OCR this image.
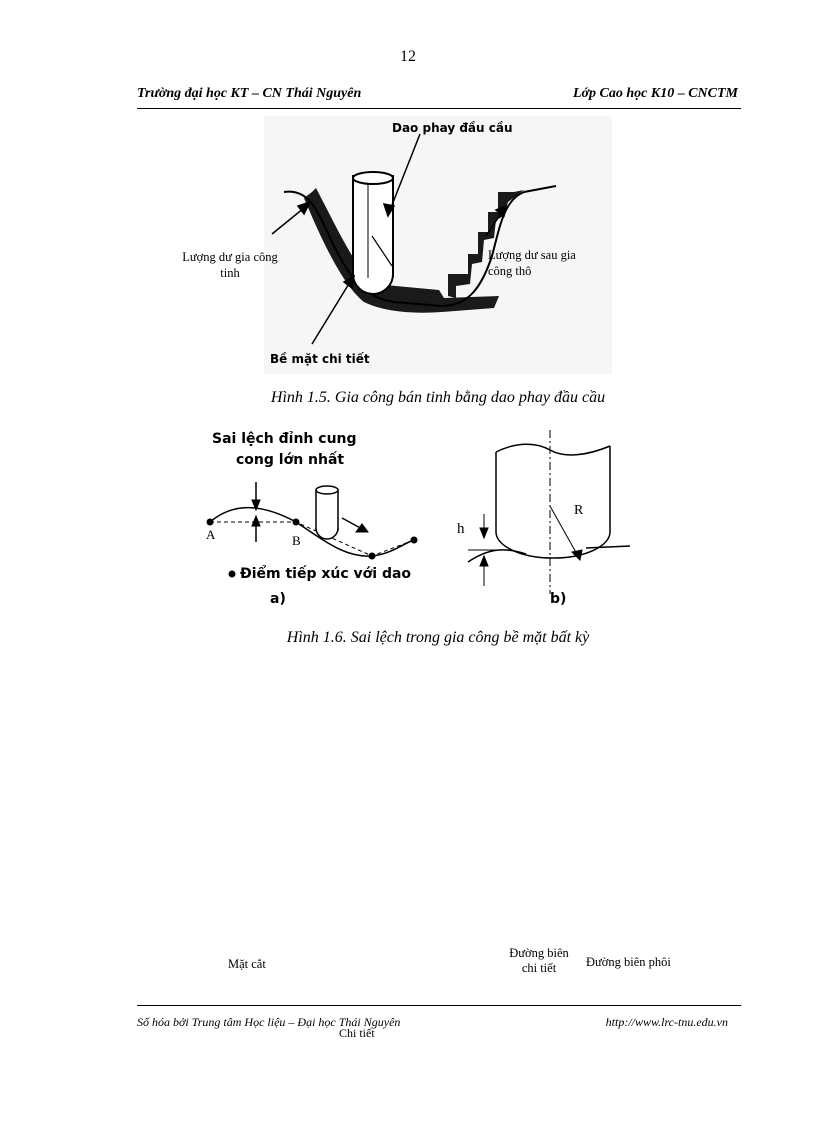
12
Trường đại học KT – CN Thái Nguyên	Lớp Cao học K10 – CNCTM
Dao phay đầu cầu
Lượng dư gia công tinh
Lượng dư sau gia công thô
Bề mặt chi tiết
Hình 1.5. Gia công bán tinh bằng dao phay đầu cầu
Sai lệch đỉnh cung
cong lớn nhất
A	B
Điểm tiếp xúc với dao
a)
h
R
b)
Hình 1.6. Sai lệch trong gia công bề mặt bất kỳ
Mặt cắt
Đường biên chi tiết	Đường biên phôi
Chi tiết
Số hóa bởi Trung tâm Học liệu – Đại học Thái Nguyên	http://www.lrc-tnu.edu.vn
